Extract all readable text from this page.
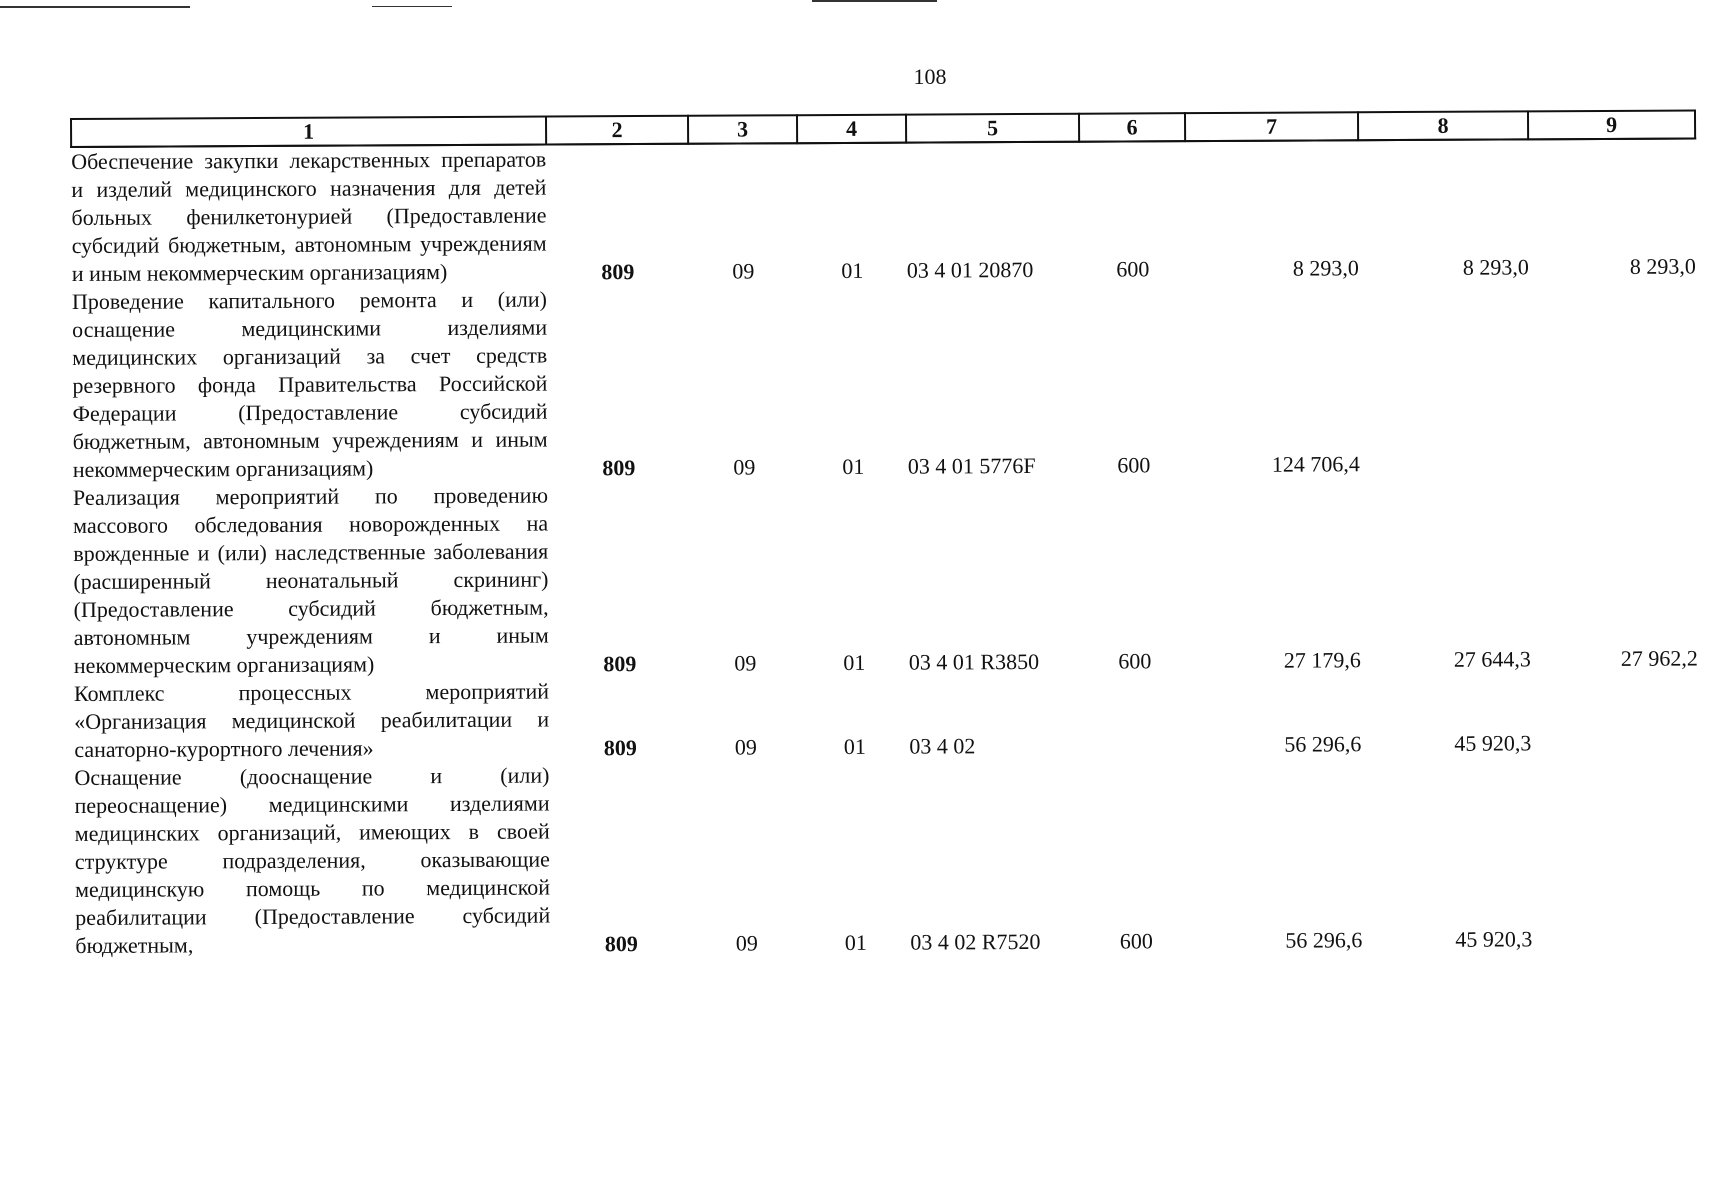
108
1	2	3	4	5	6	7	8	9
Обеспечение закупки лекарственных препаратов и изделий медицинского назначения для детей больных фенилкетонурией (Предоставление субсидий бюджетным, автономным учреждениям и иным некоммерческим организациям)	809	09	01	03 4 01 20870	600	8 293,0	8 293,0	8 293,0
Проведение капитального ремонта и (или) оснащение медицинскими изделиями медицинских организаций за счет средств резервного фонда Правительства Российской Федерации (Предоставление субсидий бюджетным, автономным учреждениям и иным некоммерческим организациям)	809	09	01	03 4 01 5776F	600	124 706,4		
Реализация мероприятий по проведению массового обследования новорожденных на врожденные и (или) наследственные заболевания (расширенный неонатальный скрининг) (Предоставление субсидий бюджетным, автономным учреждениям и иным некоммерческим организациям)	809	09	01	03 4 01 R3850	600	27 179,6	27 644,3	27 962,2
Комплекс процессных мероприятий «Организация медицинской реабилитации и санаторно-курортного лечения»	809	09	01	03 4 02		56 296,6	45 920,3	
Оснащение (дооснащение и (или) переоснащение) медицинскими изделиями медицинских организаций, имеющих в своей структуре подразделения, оказывающие медицинскую помощь по медицинской реабилитации (Предоставление субсидий бюджетным,	809	09	01	03 4 02 R7520	600	56 296,6	45 920,3	
